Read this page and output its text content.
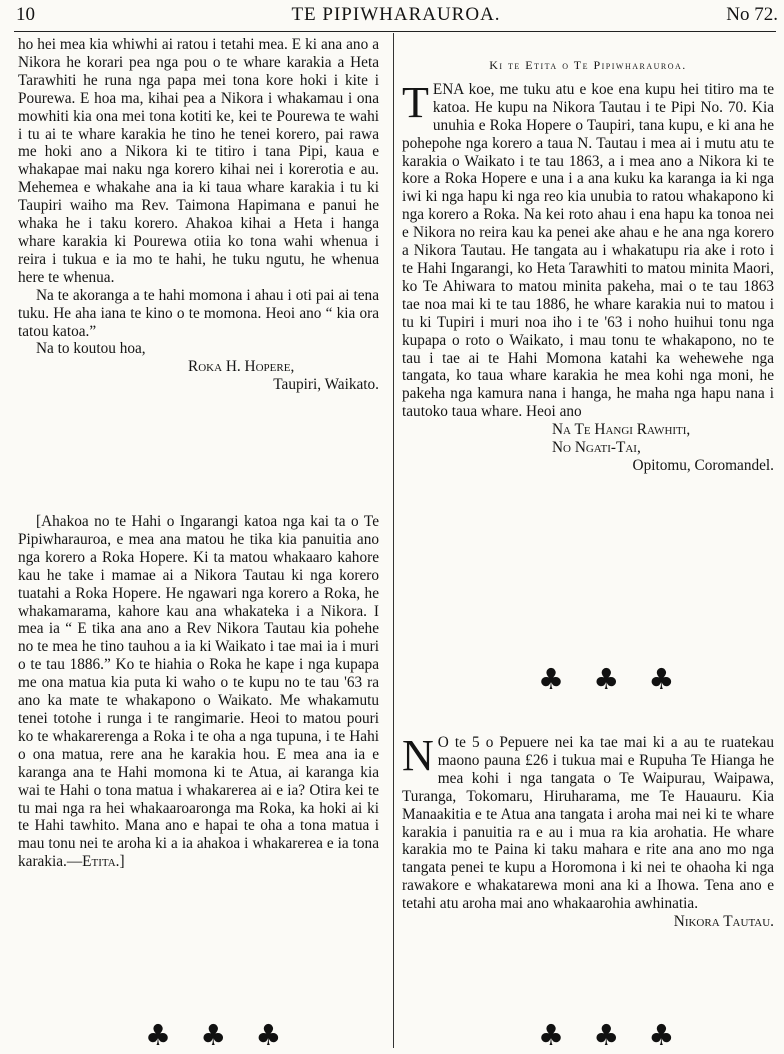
10	TE PIPIWHARAUROA.	No 72.

ho hei mea kia whiwhi ai ratou i tetahi mea. E ki ana ano a Nikora he korari pea nga pou o te whare karakia a Heta Tarawhiti he runa nga papa mei tona kore hoki i kite i Pourewa. E hoa ma, kihai pea a Nikora i whakamau i ona mowhiti kia ona mei tona kotiti ke, kei te Pourewa te wahi i tu ai te whare karakia he tino he tenei korero, pai rawa me hoki ano a Nikora ki te titiro i tana Pipi, kaua e whakapae mai naku nga korero kihai nei i korerotia e au. Mehemea e whakahe ana ia ki taua whare karakia i tu ki Taupiri waiho ma Rev. Taimona Hapimana e panui he whaka he i taku korero. Ahakoa kihai a Heta i hanga whare karakia ki Pourewa otiia ko tona wahi whenua i reira i tukua e ia mo te hahi, he tuku ngutu, he whenua here te whenua.

Na te akoranga a te hahi momona i ahau i oti pai ai tena tuku. He aha iana te kino o te momona. Heoi ano “ kia ora tatou katoa.”

Na to koutou hoa,

Roka H. Hopere,

Taupiri, Waikato.

[Ahakoa no te Hahi o Ingarangi katoa nga kai ta o Te Pipiwharauroa, e mea ana matou he tika kia panuitia ano nga korero a Roka Hopere. Ki ta matou whakaaro kahore kau he take i mamae ai a Nikora Tautau ki nga korero tuatahi a Roka Hopere. He ngawari nga korero a Roka, he whakamarama, kahore kau ana whakateka i a Nikora. I mea ia “ E tika ana ano a Rev Nikora Tautau kia pohehe no te mea he tino tauhou a ia ki Waikato i tae mai ia i muri o te tau 1886.” Ko te hiahia o Roka he kape i nga kupapa me ona matua kia puta ki waho o te kupu no te tau '63 ra ano ka mate te whakapono o Waikato. Me whakamutu tenei totohe i runga i te rangimarie. Heoi to matou pouri ko te whakarerenga a Roka i te oha a nga tupuna, i te Hahi o ona matua, rere ana he karakia hou. E mea ana ia e karanga ana te Hahi momona ki te Atua, ai karanga kia wai te Hahi o tona matua i whakarerea ai e ia? Otira kei te tu mai nga ra hei whakaaroaronga ma Roka, ka hoki ai ki te Hahi tawhito. Mana ano e hapai te oha a tona matua i mau tonu nei te aroha ki a ia ahakoa i whakarerea e ia tona karakia.—Etita.]

♣ ♣ ♣
Ki te Etita o Te Pipiwharauroa.

TENA koe, me tuku atu e koe ena kupu hei titiro ma te katoa. He kupu na Nikora Tautau i te Pipi No. 70. Kia unuhia e Roka Hopere o Taupiri, tana kupu, e ki ana he pohepohe nga korero a taua N. Tautau i mea ai i mutu atu te karakia o Waikato i te tau 1863, a i mea ano a Nikora ki te kore a Roka Hopere e una i a ana kuku ka karanga ia ki nga iwi ki nga hapu ki nga reo kia unubia to ratou whakapono ki nga korero a Roka. Na kei roto ahau i ena hapu ka tonoa nei e Nikora no reira kau ka penei ake ahau e he ana nga korero a Nikora Tautau. He tangata au i whakatupu ria ake i roto i te Hahi Ingarangi, ko Heta Tarawhiti to matou minita Maori, ko Te Ahiwara to matou minita pakeha, mai o te tau 1863 tae noa mai ki te tau 1886, he whare karakia nui to matou i tu ki Tupiri i muri noa iho i te '63 i noho huihui tonu nga kupapa o roto o Waikato, i mau tonu te whakapono, no te tau i tae ai te Hahi Momona katahi ka wehewehe nga tangata, ko taua whare karakia he mea kohi nga moni, he pakeha nga kamura nana i hanga, he maha nga hapu nana i tautoko taua whare. Heoi ano

Na Te Hangi Rawhiti,

No Ngati-Tai,

Opitomu, Coromandel.

♣ ♣ ♣

N O te 5 o Pepuere nei ka tae mai ki a au te ruatekau maono pauna £26 i tukua mai e Rupuha Te Hianga he mea kohi i nga tangata o Te Waipurau, Waipawa, Turanga, Tokomaru, Hiruharama, me Te Hauauru. Kia Manaakitia e te Atua ana tangata i aroha mai nei ki te whare karakia i panuitia ra e au i mua ra kia arohatia. He whare karakia mo te Paina ki taku mahara e rite ana ano mo nga tangata penei te kupu a Horomona i ki nei te ohaoha ki nga rawakore e whakatarewa moni ana ki a Ihowa. Tena ano e tetahi atu aroha mai ano whakaarohia awhinatia.

Nikora Tautau.

♣ ♣ ♣
